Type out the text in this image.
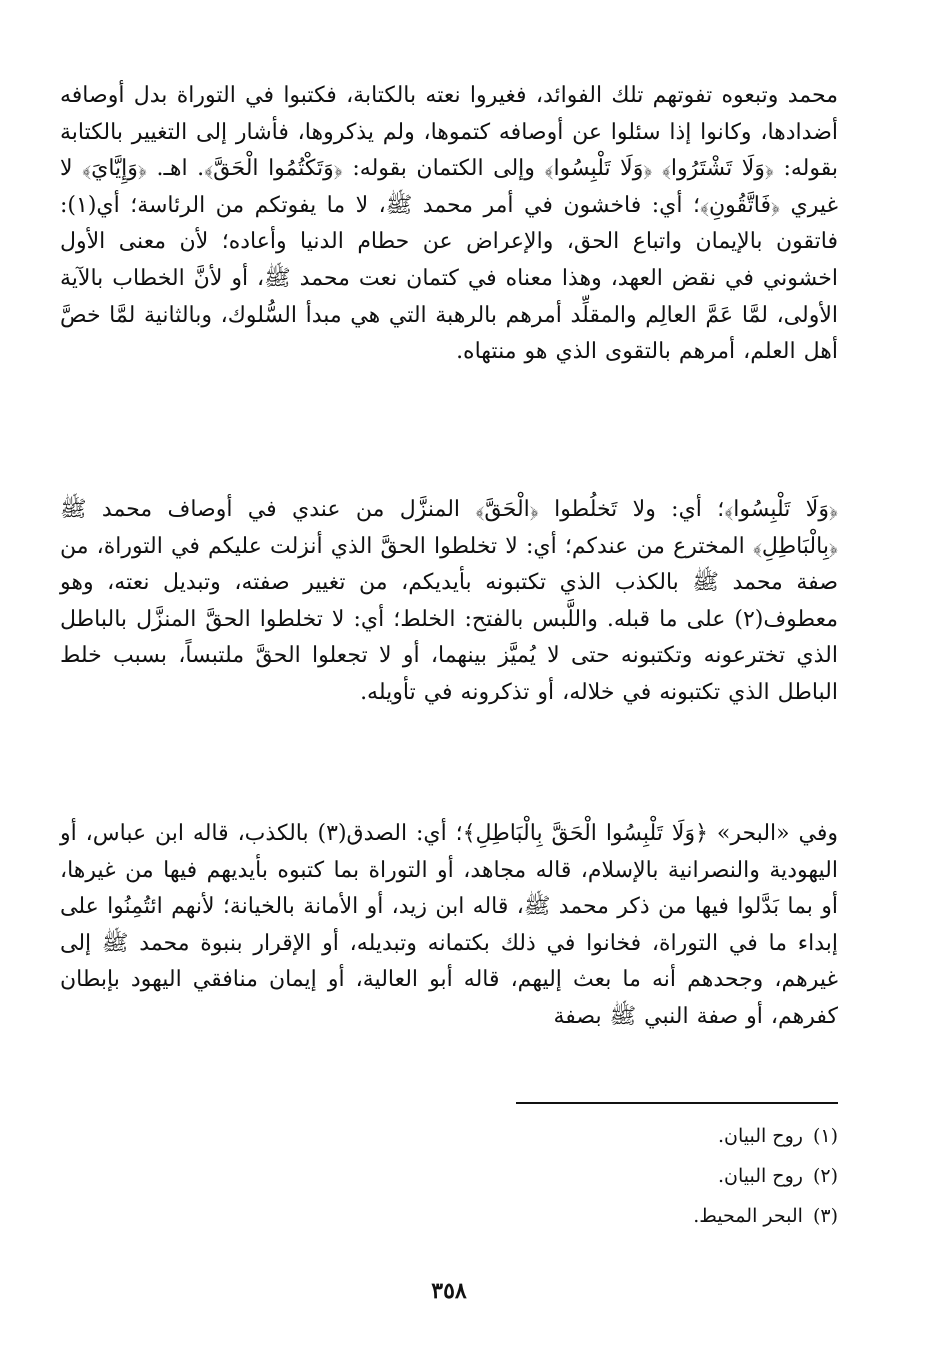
محمد وتبعوه تفوتهم تلك الفوائد، فغيروا نعته بالكتابة، فكتبوا في التوراة بدل أوصافه أضدادها، وكانوا إذا سئلوا عن أوصافه كتموها، ولم يذكروها، فأشار إلى التغيير بالكتابة بقوله: ﴿وَلَا تَشْتَرُوا﴾ ﴿وَلَا تَلْبِسُوا﴾ وإلى الكتمان بقوله: ﴿وَتَكْتُمُوا الْحَقَّ﴾. اهـ. ﴿وَإِيَّايَ﴾ لا غيري ﴿فَاتَّقُونِ﴾؛ أي: فاخشون في أمر محمد ﷺ، لا ما يفوتكم من الرئاسة؛ أي(١): فاتقون بالإيمان واتباع الحق، والإعراض عن حطام الدنيا وأعاده؛ لأن معنى الأول اخشوني في نقض العهد، وهذا معناه في كتمان نعت محمد ﷺ، أو لأنَّ الخطاب بالآية الأولى، لمَّا عَمَّ العالِم والمقلِّد أمرهم بالرهبة التي هي مبدأ السُّلوك، وبالثانية لمَّا خصَّ أهل العلم، أمرهم بالتقوى الذي هو منتهاه.

﴿وَلَا تَلْبِسُوا﴾؛ أي: ولا تَخلُطوا ﴿الْحَقَّ﴾ المنزَّل من عندي في أوصاف محمد ﷺ ﴿بِالْبَاطِلِ﴾ المخترع من عندكم؛ أي: لا تخلطوا الحقَّ الذي أنزلت عليكم في التوراة، من صفة محمد ﷺ بالكذب الذي تكتبونه بأيديكم، من تغيير صفته، وتبديل نعته، وهو معطوف(٢) على ما قبله. واللَّبس بالفتح: الخلط؛ أي: لا تخلطوا الحقَّ المنزَّل بالباطل الذي تخترعونه وتكتبونه حتى لا يُميَّز بينهما، أو لا تجعلوا الحقَّ ملتبساً، بسبب خلط الباطل الذي تكتبونه في خلاله، أو تذكرونه في تأويله.

وفي «البحر» ﴿وَلَا تَلْبِسُوا الْحَقَّ بِالْبَاطِلِ﴾؛ أي: الصدق(٣) بالكذب، قاله ابن عباس، أو اليهودية والنصرانية بالإسلام، قاله مجاهد، أو التوراة بما كتبوه بأيديهم فيها من غيرها، أو بما بَدَّلوا فيها من ذكر محمد ﷺ، قاله ابن زيد، أو الأمانة بالخيانة؛ لأنهم ائتُمِنُوا على إبداء ما في التوراة، فخانوا في ذلك بكتمانه وتبديله، أو الإقرار بنبوة محمد ﷺ إلى غيرهم، وجحدهم أنه ما بعث إليهم، قاله أبو العالية، أو إيمان منافقي اليهود بإبطان كفرهم، أو صفة النبي ﷺ بصفة

(١)روح البيان.
(٢)روح البيان.
(٣)البحر المحيط.
٣٥٨
